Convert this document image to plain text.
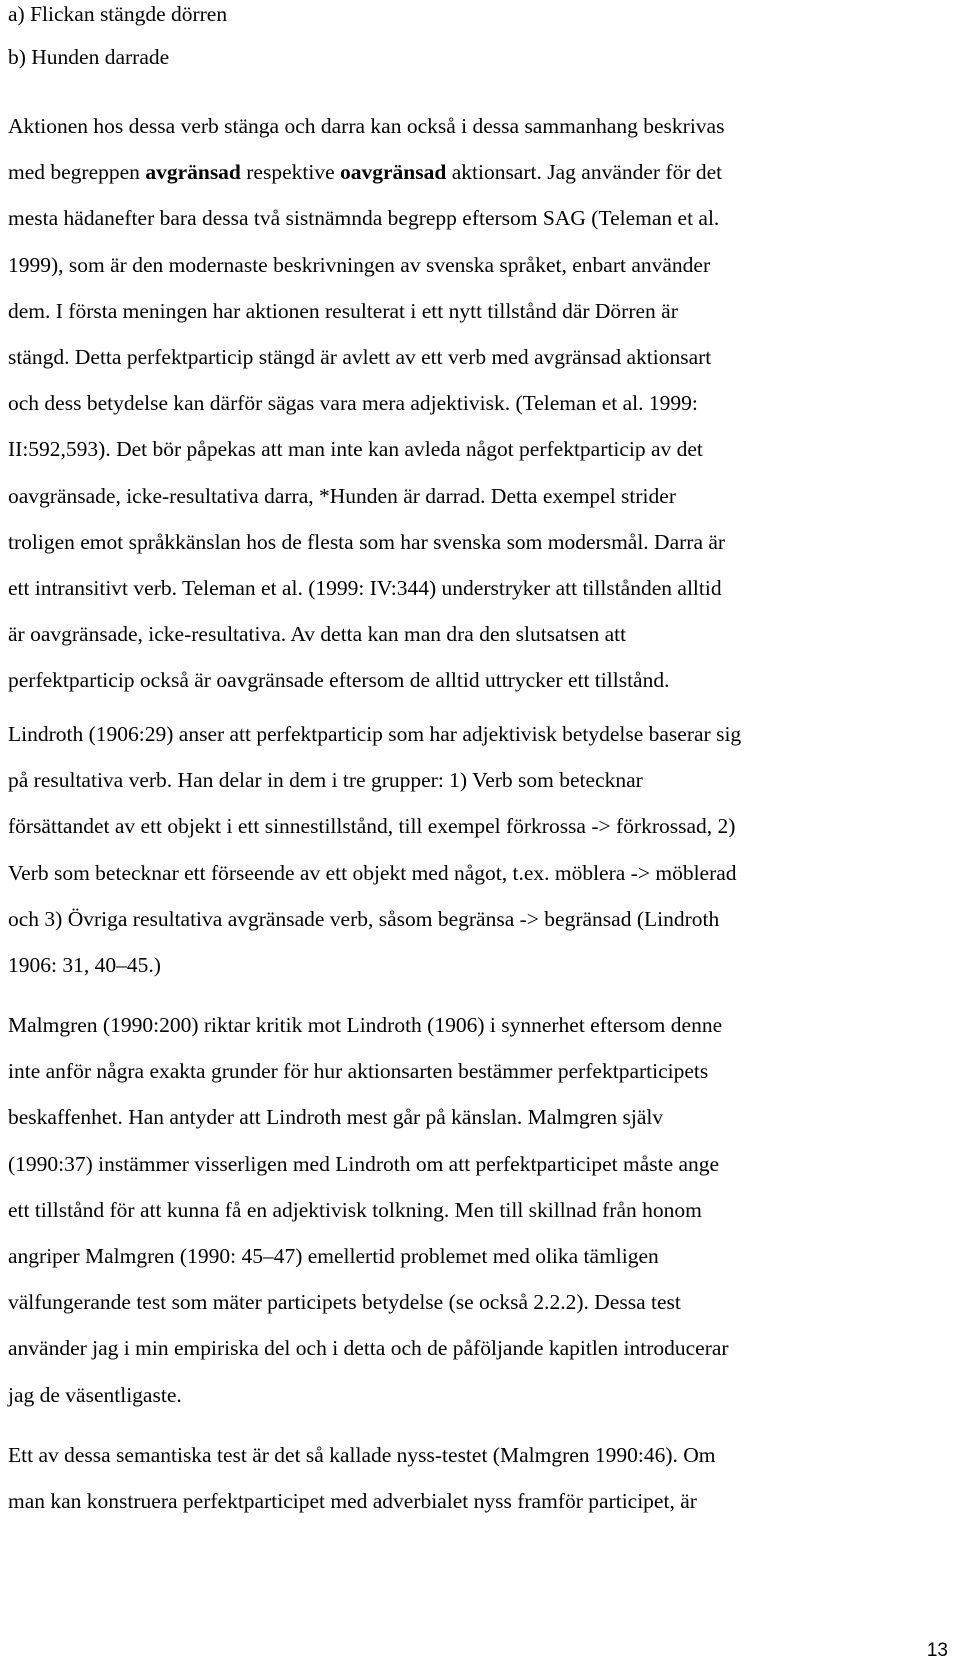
a) Flickan stängde dörren
b) Hunden darrade
Aktionen hos dessa verb stänga och darra kan också i dessa sammanhang beskrivas
med begreppen avgränsad respektive oavgränsad aktionsart. Jag använder för det
mesta hädanefter bara dessa två sistnämnda begrepp eftersom SAG (Teleman et al.
1999), som är den modernaste beskrivningen av svenska språket, enbart använder
dem. I första meningen har aktionen resulterat i ett nytt tillstånd där Dörren är
stängd. Detta perfektparticip stängd är avlett av ett verb med avgränsad aktionsart
och dess betydelse kan därför sägas vara mera adjektivisk. (Teleman et al. 1999:
II:592,593). Det bör påpekas att man inte kan avleda något perfektparticip av det
oavgränsade, icke-resultativa darra, *Hunden är darrad. Detta exempel strider
troligen emot språkkänslan hos de flesta som har svenska som modersmål. Darra är
ett intransitivt verb. Teleman et al. (1999: IV:344) understryker att tillstånden alltid
är oavgränsade, icke-resultativa. Av detta kan man dra den slutsatsen att
perfektparticip också är oavgränsade eftersom de alltid uttrycker ett tillstånd.
Lindroth (1906:29) anser att perfektparticip som har adjektivisk betydelse baserar sig
på resultativa verb. Han delar in dem i tre grupper: 1) Verb som betecknar
försättandet av ett objekt i ett sinnestillstånd, till exempel förkrossa -> förkrossad, 2)
Verb som betecknar ett förseende av ett objekt med något, t.ex. möblera -> möblerad
och 3) Övriga resultativa avgränsade verb, såsom begränsa -> begränsad (Lindroth
1906: 31, 40–45.)
Malmgren (1990:200) riktar kritik mot Lindroth (1906) i synnerhet eftersom denne
inte anför några exakta grunder för hur aktionsarten bestämmer perfektparticipets
beskaffenhet. Han antyder att Lindroth mest går på känslan. Malmgren själv
(1990:37) instämmer visserligen med Lindroth om att perfektparticipet måste ange
ett tillstånd för att kunna få en adjektivisk tolkning. Men till skillnad från honom
angriper Malmgren (1990: 45–47) emellertid problemet med olika tämligen
välfungerande test som mäter participets betydelse (se också 2.2.2). Dessa test
använder jag i min empiriska del och i detta och de påföljande kapitlen introducerar
jag de väsentligaste.
Ett av dessa semantiska test är det så kallade nyss-testet (Malmgren 1990:46). Om
man kan konstruera perfektparticipet med adverbialet nyss framför participet, är
13
